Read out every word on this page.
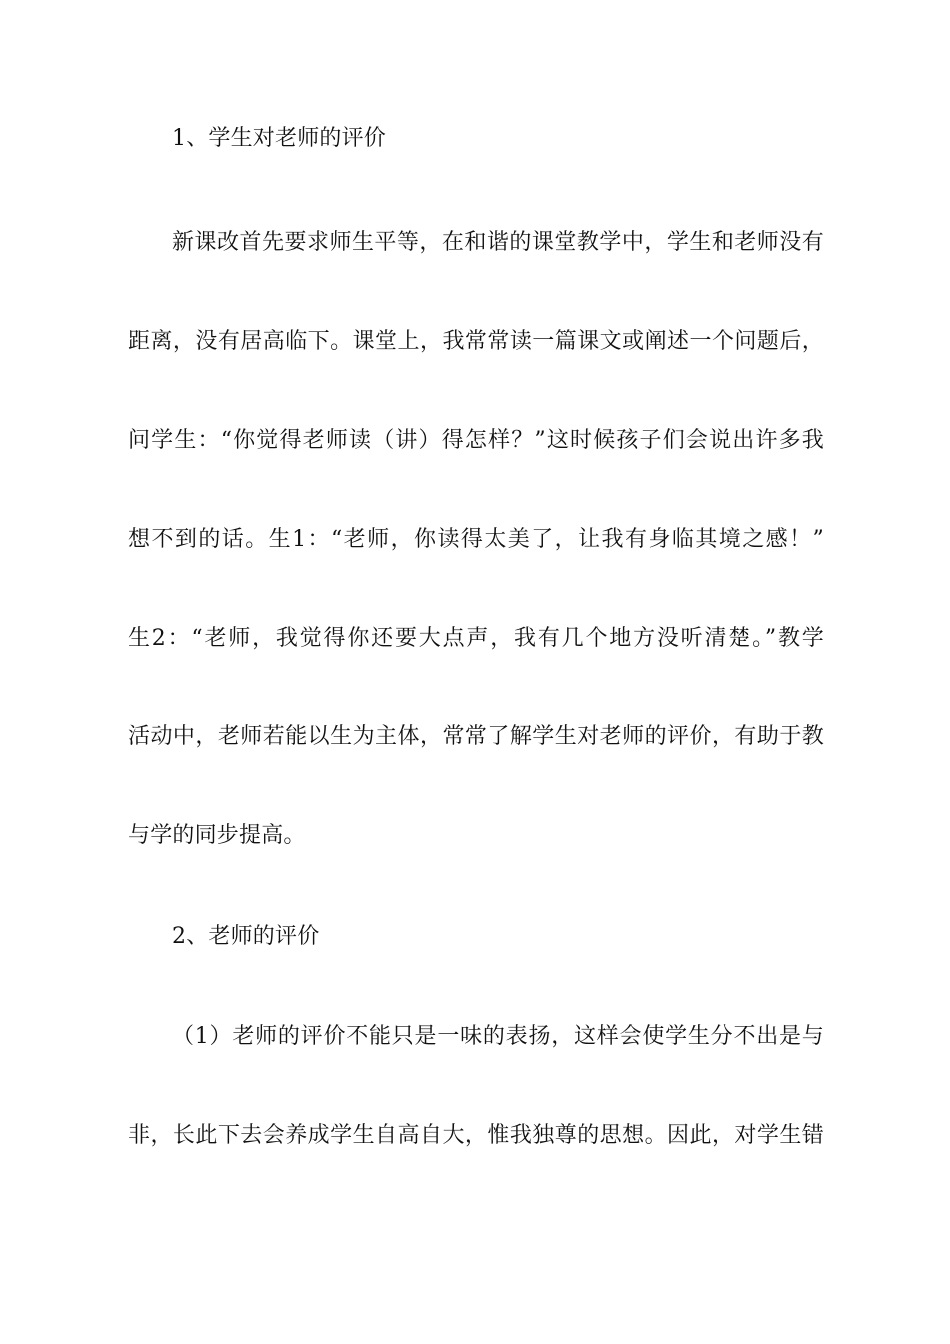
1、学生对老师的评价
新课改首先要求师生平等，在和谐的课堂教学中，学生和老师没有
距离，没有居高临下。课堂上，我常常读一篇课文或阐述一个问题后，
问学生：“你觉得老师读（讲）得怎样？”这时候孩子们会说出许多我
想不到的话。生1：“老师，你读得太美了，让我有身临其境之感！”
生2：“老师，我觉得你还要大点声，我有几个地方没听清楚。”教学
活动中，老师若能以生为主体，常常了解学生对老师的评价，有助于教
与学的同步提高。
2、老师的评价
（1）老师的评价不能只是一味的表扬，这样会使学生分不出是与
非，长此下去会养成学生自高自大，惟我独尊的思想。因此，对学生错
